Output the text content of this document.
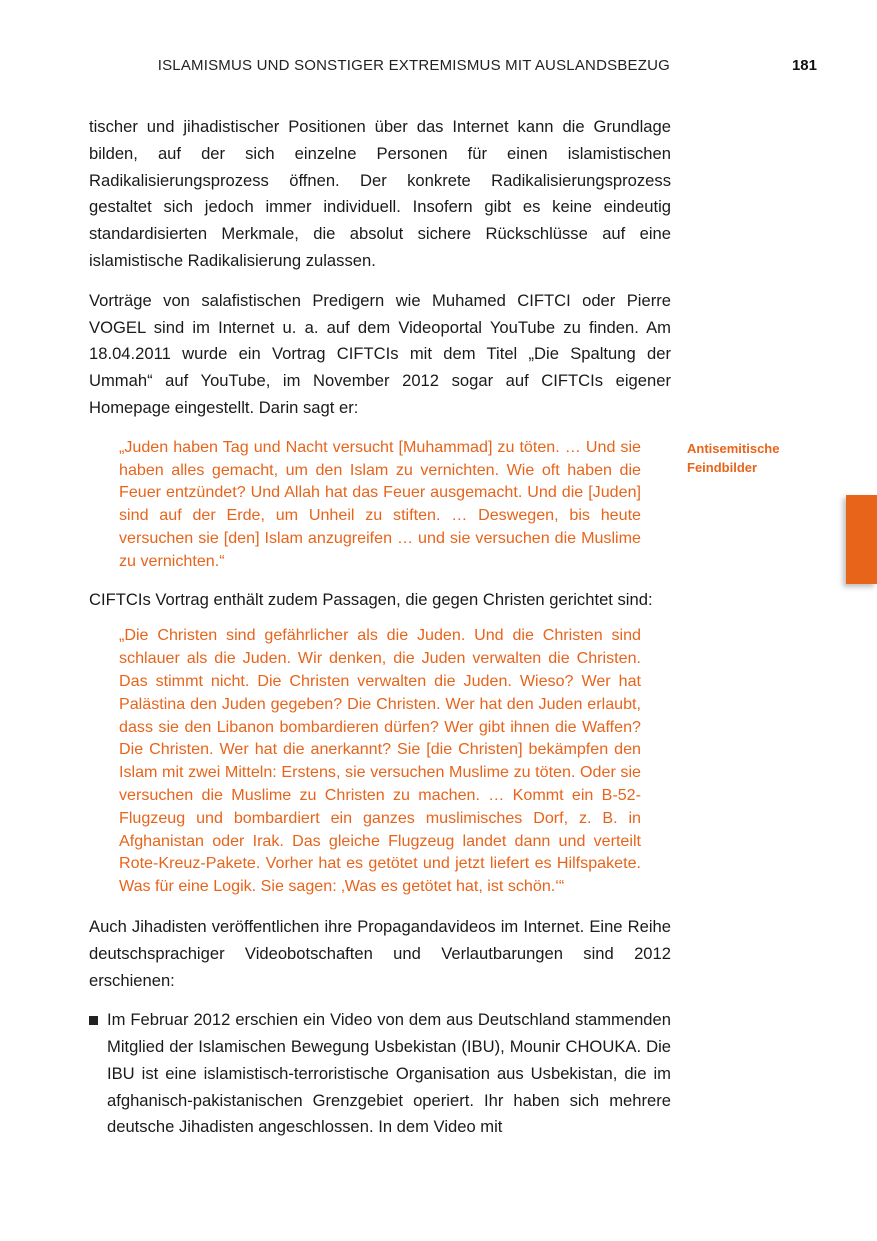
ISLAMISMUS UND SONSTIGER EXTREMISMUS MIT AUSLANDSBEZUG	181

tischer und jihadistischer Positionen über das Internet kann die Grundlage bilden, auf der sich einzelne Personen für einen islamistischen Radikalisierungsprozess öffnen. Der konkrete Radikalisierungsprozess gestaltet sich jedoch immer individuell. Insofern gibt es keine eindeutig standardisierten Merkmale, die absolut sichere Rückschlüsse auf eine islamistische Radikalisierung zulassen.

Vorträge von salafistischen Predigern wie Muhamed CIFTCI oder Pierre VOGEL sind im Internet u. a. auf dem Videoportal YouTube zu finden. Am 18.04.2011 wurde ein Vortrag CIFTCIs mit dem Titel „Die Spaltung der Ummah“ auf YouTube, im November 2012 sogar auf CIFTCIs eigener Homepage eingestellt. Darin sagt er:

„Juden haben Tag und Nacht versucht [Muhammad] zu töten. … Und sie haben alles gemacht, um den Islam zu vernichten. Wie oft haben die Feuer entzündet? Und Allah hat das Feuer ausgemacht. Und die [Juden] sind auf der Erde, um Unheil zu stiften. … Deswegen, bis heute versuchen sie [den] Islam anzugreifen … und sie versuchen die Muslime zu vernichten.“

CIFTCIs Vortrag enthält zudem Passagen, die gegen Christen gerichtet sind:

„Die Christen sind gefährlicher als die Juden. Und die Christen sind schlauer als die Juden. Wir denken, die Juden verwalten die Christen. Das stimmt nicht. Die Christen verwalten die Juden. Wieso? Wer hat Palästina den Juden gegeben? Die Christen. Wer hat den Juden erlaubt, dass sie den Libanon bombardieren dürfen? Wer gibt ihnen die Waffen? Die Christen. Wer hat die anerkannt? Sie [die Christen] bekämpfen den Islam mit zwei Mitteln: Erstens, sie versuchen Muslime zu töten. Oder sie versuchen die Muslime zu Christen zu machen. … Kommt ein B-52-Flugzeug und bombardiert ein ganzes muslimisches Dorf, z. B. in Afghanistan oder Irak. Das gleiche Flugzeug landet dann und verteilt Rote-Kreuz-Pakete. Vorher hat es getötet und jetzt liefert es Hilfspakete. Was für eine Logik. Sie sagen: ‚Was es getötet hat, ist schön.‘“

Auch Jihadisten veröffentlichen ihre Propagandavideos im Internet. Eine Reihe deutschsprachiger Videobotschaften und Verlautbarungen sind 2012 erschienen:

Im Februar 2012 erschien ein Video von dem aus Deutschland stammenden Mitglied der Islamischen Bewegung Usbekistan (IBU), Mounir CHOUKA. Die IBU ist eine islamistisch-terroristische Organisation aus Usbekistan, die im afghanisch-pakistanischen Grenzgebiet operiert. Ihr haben sich mehrere deutsche Jihadisten angeschlossen. In dem Video mit
Antisemitische
Feindbilder
